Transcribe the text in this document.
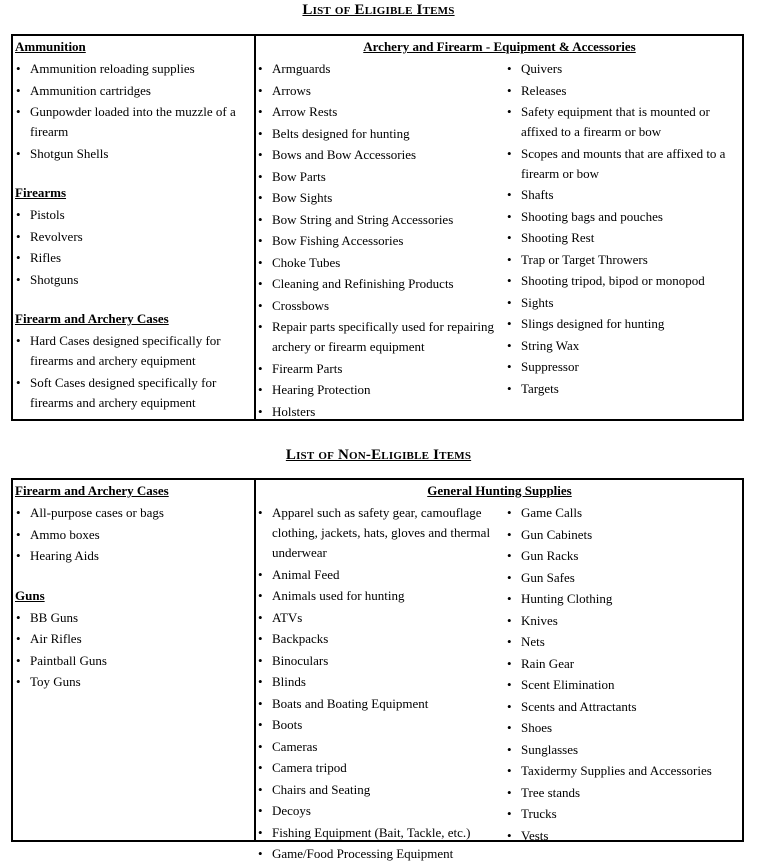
List of Eligible Items
Ammunition
• Ammunition reloading supplies
• Ammunition cartridges
• Gunpowder loaded into the muzzle of a firearm
• Shotgun Shells
Firearms
• Pistols
• Revolvers
• Rifles
• Shotguns
Firearm and Archery Cases
• Hard Cases designed specifically for firearms and archery equipment
• Soft Cases designed specifically for firearms and archery equipment
Archery and Firearm - Equipment & Accessories
• Armguards
• Arrows
• Arrow Rests
• Belts designed for hunting
• Bows and Bow Accessories
• Bow Parts
• Bow Sights
• Bow String and String Accessories
• Bow Fishing Accessories
• Choke Tubes
• Cleaning and Refinishing Products
• Crossbows
• Repair parts specifically used for repairing archery or firearm equipment
• Firearm Parts
• Hearing Protection
• Holsters
• Quivers
• Releases
• Safety equipment that is mounted or affixed to a firearm or bow
• Scopes and mounts that are affixed to a firearm or bow
• Shafts
• Shooting bags and pouches
• Shooting Rest
• Trap or Target Throwers
• Shooting tripod, bipod or monopod
• Sights
• Slings designed for hunting
• String Wax
• Suppressor
• Targets
List of Non-Eligible Items
Firearm and Archery Cases
• All-purpose cases or bags
• Ammo boxes
• Hearing Aids
Guns
• BB Guns
• Air Rifles
• Paintball Guns
• Toy Guns
General Hunting Supplies
• Apparel such as safety gear, camouflage clothing, jackets, hats, gloves and thermal underwear
• Animal Feed
• Animals used for hunting
• ATVs
• Backpacks
• Binoculars
• Blinds
• Boats and Boating Equipment
• Boots
• Cameras
• Camera tripod
• Chairs and Seating
• Decoys
• Fishing Equipment (Bait, Tackle, etc.)
• Game/Food Processing Equipment
• Game Calls
• Gun Cabinets
• Gun Racks
• Gun Safes
• Hunting Clothing
• Knives
• Nets
• Rain Gear
• Scent Elimination
• Scents and Attractants
• Shoes
• Sunglasses
• Taxidermy Supplies and Accessories
• Tree stands
• Trucks
• Vests
